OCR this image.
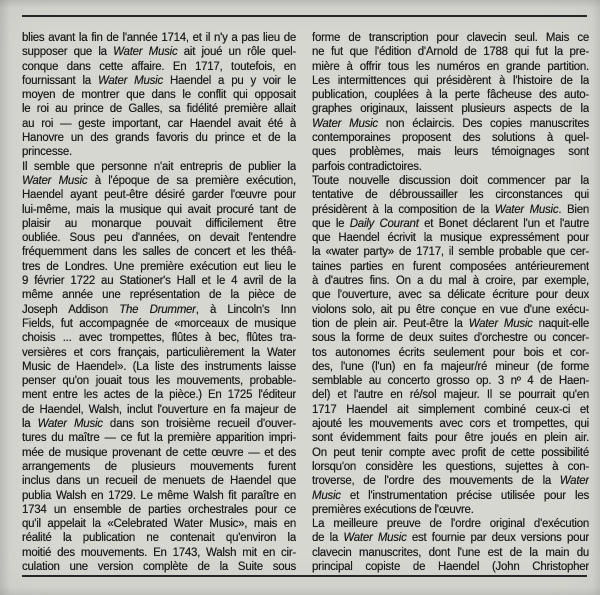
blies avant la fin de l'année 1714, et il n'y a pas lieu de
supposer que la Water Music ait joué un rôle quel-
conque dans cette affaire. En 1717, toutefois, en
fournissant la Water Music Haendel a pu y voir le
moyen de montrer que dans le conflit qui opposait
le roi au prince de Galles, sa fidélité première allait
au roi — geste important, car Haendel avait été à
Hanovre un des grands favoris du prince et de la
princesse.
Il semble que personne n'ait entrepris de publier la
Water Music à l'époque de sa première exécution,
Haendel ayant peut-être désiré garder l'œuvre pour
lui-même, mais la musique qui avait procuré tant de
plaisir au monarque pouvait difficilement être
oubliée. Sous peu d'années, on devait l'entendre
fréquemment dans les salles de concert et les théâ-
tres de Londres. Une première exécution eut lieu le
9 février 1722 au Stationer's Hall et le 4 avril de la
même année une représentation de la pièce de
Joseph Addison The Drummer, à Lincoln's Inn
Fields, fut accompagnée de «morceaux de musique
choisis ... avec trompettes, flûtes à bec, flûtes tra-
versières et cors français, particulièrement la Water
Music de Haendel». (La liste des instruments laisse
penser qu'on jouait tous les mouvements, probable-
ment entre les actes de la pièce.) En 1725 l'éditeur
de Haendel, Walsh, inclut l'ouverture en fa majeur de
la Water Music dans son troisième recueil d'ouver-
tures du maître — ce fut la première apparition impri-
mée de musique provenant de cette œuvre — et des
arrangements de plusieurs mouvements furent
inclus dans un recueil de menuets de Haendel que
publia Walsh en 1729. Le même Walsh fit paraître en
1734 un ensemble de parties orchestrales pour ce
qu'il appelait la «Celebrated Water Music», mais en
réalité la publication ne contenait qu'environ la
moitié des mouvements. En 1743, Walsh mit en cir-
culation une version complète de la Suite sous
forme de transcription pour clavecin seul. Mais ce
ne fut que l'édition d'Arnold de 1788 qui fut la pre-
mière à offrir tous les numéros en grande partition.
Les intermittences qui présidèrent à l'histoire de la
publication, couplées à la perte fâcheuse des auto-
graphes originaux, laissent plusieurs aspects de la
Water Music non éclaircis. Des copies manuscrites
contemporaines proposent des solutions à quel-
ques problèmes, mais leurs témoignages sont
parfois contradictoires.
Toute nouvelle discussion doit commencer par la
tentative de débroussailler les circonstances qui
présidèrent à la composition de la Water Music. Bien
que le Daily Courant et Bonet déclarent l'un et l'autre
que Haendel écrivit la musique expressément pour
la «water party» de 1717, il semble probable que cer-
taines parties en furent composées antérieurement
à d'autres fins. On a du mal à croire, par exemple,
que l'ouverture, avec sa délicate écriture pour deux
violons solo, ait pu être conçue en vue d'une exécu-
tion de plein air. Peut-être la Water Music naquit-elle
sous la forme de deux suites d'orchestre ou concer-
tos autonomes écrits seulement pour bois et cor-
des, l'une (l'un) en fa majeur/ré mineur (de forme
semblable au concerto grosso op. 3 nº 4 de Haen-
del) et l'autre en ré/sol majeur. Il se pourrait qu'en
1717 Haendel ait simplement combiné ceux-ci et
ajouté les mouvements avec cors et trompettes, qui
sont évidemment faits pour être joués en plein air.
On peut tenir compte avec profit de cette possibilité
lorsqu'on considère les questions, sujettes à con-
troverse, de l'ordre des mouvements de la Water
Music et l'instrumentation précise utilisée pour les
premières exécutions de l'œuvre.
La meilleure preuve de l'ordre original d'exécution
de la Water Music est fournie par deux versions pour
clavecin manuscrites, dont l'une est de la main du
principal copiste de Haendel (John Christopher
